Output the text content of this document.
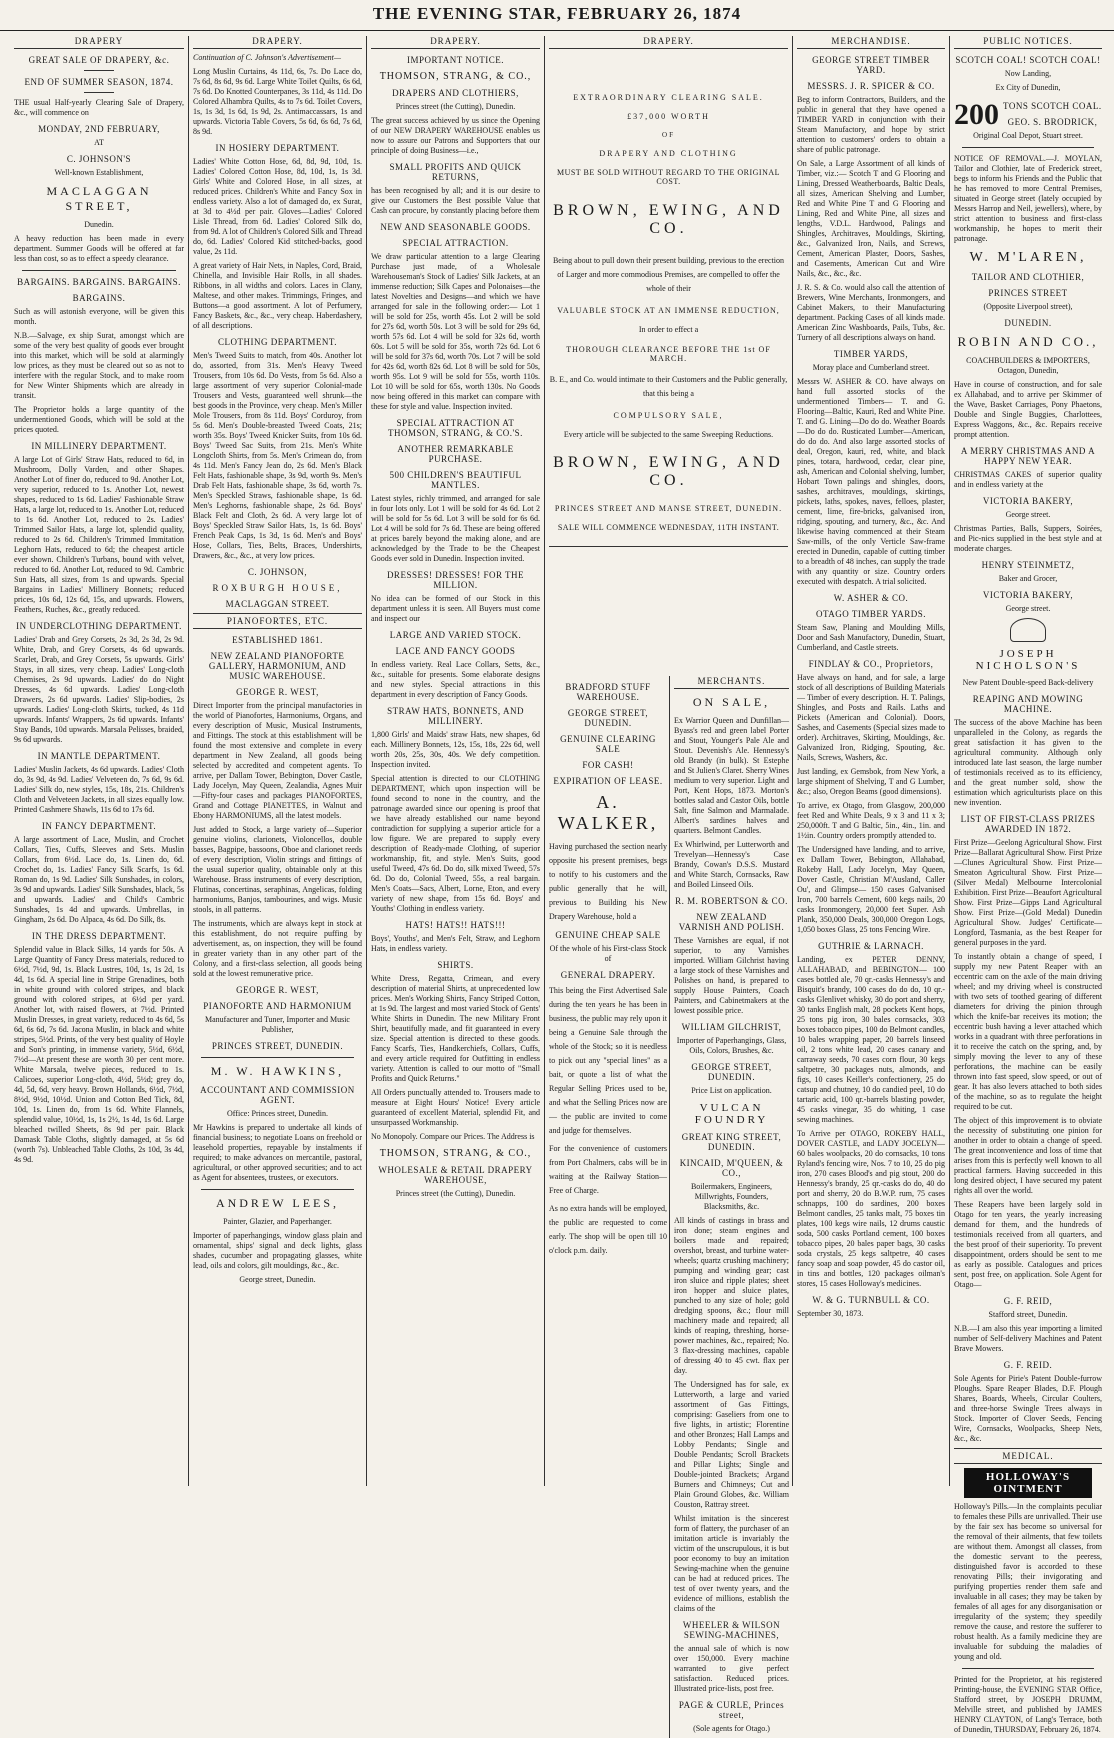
THE EVENING STAR, FEBRUARY 26, 1874
DRAPERY
GREAT SALE OF DRAPERY, &c.
END OF SUMMER SEASON, 1874.

THE usual Half-yearly Clearing Sale of Drapery, &c., will commence on

MONDAY, 2ND FEBRUARY,
AT
C. JOHNSON'S
Well-known Establishment,
MACLAGGAN STREET,
Dunedin.

A heavy reduction has been made in every department. Summer Goods will be offered at far less than cost, so as to effect a speedy clearance.

BARGAINS. BARGAINS. BARGAINS.
BARGAINS.

Such as will astonish everyone, will be given this month.

N.B.—Salvage, ex ship Surat, amongst which are some of the very best quality of goods ever brought into this market, which will be sold at alarmingly low prices, as they must be cleared out so as not to interfere with the regular Stock, and to make room for New Winter Shipments which are already in transit.

The Proprietor holds a large quantity of the undermentioned Goods, which will be sold at the prices quoted.

IN MILLINERY DEPARTMENT.

A large Lot of Girls' Straw Hats, reduced to 6d, in Mushroom, Dolly Varden, and other Shapes. Another Lot of finer do, reduced to 9d. Another Lot, very superior, reduced to 1s. Another Lot, newest shapes, reduced to 1s 6d. Ladies' Fashionable Straw Hats, a large lot, reduced to 1s. Another Lot, reduced to 1s 6d. Another Lot, reduced to 2s. Ladies' Trimmed Sailor Hats, a large lot, splendid quality, reduced to 2s 6d. Children's Trimmed Immitation Leghorn Hats, reduced to 6d; the cheapest article ever shown. Children's Turbans, bound with velvet, reduced to 6d. Another Lot, reduced to 9d. Cambric Sun Hats, all sizes, from 1s and upwards. Special Bargains in Ladies' Millinery Bonnets; reduced prices, 10s 6d, 12s 6d, 15s, and upwards. Flowers, Feathers, Ruches, &c., greatly reduced.

IN UNDERCLOTHING DEPARTMENT.

Ladies' Drab and Grey Corsets, 2s 3d, 2s 3d, 2s 9d. White, Drab, and Grey Corsets, 4s 6d upwards. Scarlet, Drab, and Grey Corsets, 5s upwards. Girls' Stays, in all sizes, very cheap. Ladies' Long-cloth Chemises, 2s 9d upwards. Ladies' do do Night Dresses, 4s 6d upwards. Ladies' Long-cloth Drawers, 2s 6d upwards. Ladies' Slip-bodies, 2s upwards. Ladies' Long-cloth Skirts, tucked, 4s 11d upwards. Infants' Wrappers, 2s 6d upwards. Infants' Stay Bands, 10d upwards. Marsala Pelisses, braided, 9s 6d upwards.

IN MANTLE DEPARTMENT.

Ladies' Muslin Jackets, 4s 6d upwards. Ladies' Cloth do, 3s 9d, 4s 9d. Ladies' Velveteen do, 7s 6d, 9s 6d. Ladies' Silk do, new styles, 15s, 18s, 21s. Children's Cloth and Velveteen Jackets, in all sizes equally low. Printed Cashmere Shawls, 11s 6d to 17s 6d.

IN FANCY DEPARTMENT.

A large assortment of Lace, Muslin, and Crochet Collars, Ties, Cuffs, Sleeves and Sets. Muslin Collars, from 6½d. Lace do, 1s. Linen do, 6d. Crochet do, 1s. Ladies' Fancy Silk Scarfs, 1s 6d. Roman do, 1s 9d. Ladies' Silk Sunshades, in colors, 3s 9d and upwards. Ladies' Silk Sunshades, black, 5s and upwards. Ladies' and Child's Cambric Sunshades, 1s 4d and upwards. Umbrellas, in Gingham, 2s 6d. Do Alpaca, 4s 6d. Do Silk, 8s.

IN THE DRESS DEPARTMENT.

Splendid value in Black Silks, 14 yards for 50s. A Large Quantity of Fancy Dress materials, reduced to 6½d, 7½d, 9d, 1s. Black Lustres, 10d, 1s, 1s 2d, 1s 4d, 1s 6d. A special line in Stripe Grenadines, both in white ground with colored stripes, and black ground with colored stripes, at 6½d per yard. Another lot, with raised flowers, at 7½d. Printed Muslin Dresses, in great variety, reduced to 4s 6d, 5s 6d, 6s 6d, 7s 6d. Jacona Muslin, in black and white stripes, 5½d. Prints, of the very best quality of Hoyle and Son's printing, in immense variety, 5½d, 6½d, 7½d—At present these are worth 30 per cent more. White Marsala, twelve pieces, reduced to 1s. Calicoes, superior Long-cloth, 4½d, 5½d; grey do, 4d, 5d, 6d, very heavy. Brown Hollands, 6½d, 7½d, 8½d, 9½d, 10½d. Union and Cotton Bed Tick, 8d, 10d, 1s. Linen do, from 1s 6d. White Flannels, splendid value, 10½d, 1s, 1s 2½, 1s 4d, 1s 6d. Large bleached twilled Sheets, 8s 9d per pair. Black Damask Table Cloths, slightly damaged, at 5s 6d (worth 7s). Unbleached Table Cloths, 2s 10d, 3s 4d, 4s 9d.

DRAPERY.

Continuation of C. Johnson's Advertisement—

Long Muslin Curtains, 4s 11d, 6s, 7s. Do Lace do, 7s 6d, 8s 6d, 9s 6d. Large White Toilet Quilts, 6s 6d, 7s 6d. Do Knotted Counterpanes, 3s 11d, 4s 11d. Do Colored Alhambra Quilts, 4s to 7s 6d. Toilet Covers, 1s, 1s 3d, 1s 6d, 1s 9d, 2s. Antimaccassars, 1s and upwards. Victoria Table Covers, 5s 6d, 6s 6d, 7s 6d, 8s 9d.

IN HOSIERY DEPARTMENT.

Ladies' White Cotton Hose, 6d, 8d, 9d, 10d, 1s. Ladies' Colored Cotton Hose, 8d, 10d, 1s, 1s 3d. Girls' White and Colored Hose, in all sizes, at reduced prices. Children's White and Fancy Sox in endless variety. Also a lot of damaged do, ex Surat, at 3d to 4½d per pair. Gloves—Ladies' Colored Lisle Thread, from 6d. Ladies' Colored Silk do, from 9d. A lot of Children's Colored Silk and Thread do, 6d. Ladies' Colored Kid stitched-backs, good value, 2s 11d.

A great variety of Hair Nets, in Naples, Cord, Braid, Chinella, and Invisible Hair Rolls, in all shades. Ribbons, in all widths and colors. Laces in Clany, Maltese, and other makes. Trimmings, Fringes, and Buttons—a good assortment. A lot of Perfumery, Fancy Baskets, &c., &c., very cheap. Haberdashery, of all descriptions.

CLOTHING DEPARTMENT.

Men's Tweed Suits to match, from 40s. Another lot do, assorted, from 31s. Men's Heavy Tweed Trousers, from 10s 6d. Do Vests, from 5s 6d. Also a large assortment of very superior Colonial-made Trousers and Vests, guaranteed well shrunk—the best goods in the Province, very cheap. Men's Miller Mole Trousers, from 8s 11d. Boys' Corduroy, from 5s 6d. Men's Double-breasted Tweed Coats, 21s; worth 35s. Boys' Tweed Knicker Suits, from 10s 6d. Boys' Tweed Sac Suits, from 21s. Men's White Longcloth Shirts, from 5s. Men's Crimean do, from 4s 11d. Men's Fancy Jean do, 2s 6d. Men's Black Felt Hats, fashionable shape, 3s 9d, worth 9s. Men's Drab Felt Hats, fashionable shape, 3s 6d, worth 7s. Men's Speckled Straws, fashionable shape, 1s 6d. Men's Leghorns, fashionable shape, 2s 6d. Boys' Black Felt and Cloth, 2s 6d. A very large lot of Boys' Speckled Straw Sailor Hats, 1s, 1s 6d. Boys' French Peak Caps, 1s 3d, 1s 6d. Men's and Boys' Hose, Collars, Ties, Belts, Braces, Undershirts, Drawers, &c., &c., at very low prices.

C. JOHNSON,
ROXBURGH HOUSE,
MACLAGGAN STREET.
PIANOFORTES, ETC.
ESTABLISHED 1861.
NEW ZEALAND PIANOFORTE GALLERY, HARMONIUM, AND MUSIC WAREHOUSE.
GEORGE R. WEST,

Direct Importer from the principal manufactories in the world of Pianofortes, Harmoniums, Organs, and every description of Music, Musical Instruments, and Fittings. The stock at this establishment will be found the most extensive and complete in every department in New Zealand, all goods being selected by accredited and competent agents. To arrive, per Dallam Tower, Bebington, Dover Castle, Lady Jocelyn, May Queen, Zealandia, Agnes Muir—Fifty-four cases and packages PIANOFORTES, Grand and Cottage PIANETTES, in Walnut and Ebony HARMONIUMS, all the latest models.

Just added to Stock, a large variety of—Superior genuine violins, clarionets, Violoncellos, double basses, Bagpipe, bassoons, Oboe and clarionet reeds of every description, Violin strings and fittings of the usual superior quality, obtainable only at this Warehouse. Brass instruments of every description, Flutinas, concertinas, seraphinas, Angelicas, folding harmoniums, Banjos, tambourines, and wigs. Music stools, in all patterns.

The instruments, which are always kept in stock at this establishment, do not require puffing by advertisement, as, on inspection, they will be found in greater variety than in any other part of the Colony, and a first-class selection, all goods being sold at the lowest remunerative price.

GEORGE R. WEST,
PIANOFORTE AND HARMONIUM
Manufacturer and Tuner, Importer and Music Publisher,
PRINCES STREET, DUNEDIN.
M. W. HAWKINS,
ACCOUNTANT AND COMMISSION AGENT.
Office: Princes street, Dunedin.

Mr Hawkins is prepared to undertake all kinds of financial business; to negotiate Loans on freehold or leasehold properties, repayable by instalments if required; to make advances on mercantile, pastoral, agricultural, or other approved securities; and to act as Agent for absentees, trustees, or executors.

ANDREW LEES,
Painter, Glazier, and Paperhanger.

Importer of paperhangings, window glass plain and ornamental, ships' signal and deck lights, glass shades, cucumber and propagating glasses, white lead, oils and colors, gilt mouldings, &c., &c.

George street, Dunedin.
DRAPERY.
IMPORTANT NOTICE.
THOMSON, STRANG, & CO.,
DRAPERS AND CLOTHIERS,
Princes street (the Cutting), Dunedin.

The great success achieved by us since the Opening of our NEW DRAPERY WAREHOUSE enables us now to assure our Patrons and Supporters that our principle of doing Business—i.e.,

SMALL PROFITS AND QUICK RETURNS,

has been recognised by all; and it is our desire to give our Customers the Best possible Value that Cash can procure, by constantly placing before them

NEW AND SEASONABLE GOODS.
SPECIAL ATTRACTION.

We draw particular attention to a large Clearing Purchase just made, of a Wholesale Warehouseman's Stock of Ladies' Silk Jackets, at an immense reduction; Silk Capes and Polonaises—the latest Novelties and Designs—and which we have arranged for sale in the following order:— Lot 1 will be sold for 25s, worth 45s. Lot 2 will be sold for 27s 6d, worth 50s. Lot 3 will be sold for 29s 6d, worth 57s 6d. Lot 4 will be sold for 32s 6d, worth 60s. Lot 5 will be sold for 35s, worth 72s 6d. Lot 6 will be sold for 37s 6d, worth 70s. Lot 7 will be sold for 42s 6d, worth 82s 6d. Lot 8 will be sold for 50s, worth 95s. Lot 9 will be sold for 55s, worth 110s. Lot 10 will be sold for 65s, worth 130s. No Goods now being offered in this market can compare with these for style and value. Inspection invited.

SPECIAL ATTRACTION AT THOMSON, STRANG, & CO.'S.
ANOTHER REMARKABLE PURCHASE.
500 CHILDREN'S BEAUTIFUL MANTLES.

Latest styles, richly trimmed, and arranged for sale in four lots only. Lot 1 will be sold for 4s 6d. Lot 2 will be sold for 5s 6d. Lot 3 will be sold for 6s 6d. Lot 4 will be sold for 7s 6d. These are being offered at prices barely beyond the making alone, and are acknowledged by the Trade to be the Cheapest Goods ever sold in Dunedin. Inspection invited.

DRESSES! DRESSES! FOR THE MILLION.

No idea can be formed of our Stock in this department unless it is seen. All Buyers must come and inspect our

LARGE AND VARIED STOCK.
LACE AND FANCY GOODS

In endless variety. Real Lace Collars, Setts, &c., &c., suitable for presents. Some elaborate designs and new styles. Special attractions in this department in every description of Fancy Goods.

STRAW HATS, BONNETS, AND MILLINERY.

1,800 Girls' and Maids' straw Hats, new shapes, 6d each. Millinery Bonnets, 12s, 15s, 18s, 22s 6d, well worth 20s, 25s, 30s, 40s. We defy competition. Inspection invited.

Special attention is directed to our CLOTHING DEPARTMENT, which upon inspection will be found second to none in the country, and the patronage awarded since our opening is proof that we have already established our name beyond contradiction for supplying a superior article for a low figure. We are prepared to supply every description of Ready-made Clothing, of superior workmanship, fit, and style. Men's Suits, good useful Tweed, 47s 6d. Do do, silk mixed Tweed, 57s 6d. Do do, Colonial Tweed, 55s, a real bargain. Men's Coats—Sacs, Albert, Lorne, Eton, and every variety of new shape, from 15s 6d. Boys' and Youths' Clothing in endless variety.

HATS! HATS!! HATS!!!

Boys', Youths', and Men's Felt, Straw, and Leghorn Hats, in endless variety.

SHIRTS.

White Dress, Regatta, Crimean, and every description of material Shirts, at unprecedented low prices. Men's Working Shirts, Fancy Striped Cotton, at 1s 9d. The largest and most varied Stock of Gents' White Shirts in Dunedin. The new Military Front Shirt, beautifully made, and fit guaranteed in every size. Special attention is directed to these goods. Fancy Scarfs, Ties, Handkerchiefs, Collars, Cuffs, and every article required for Outfitting in endless variety. Attention is called to our motto of "Small Profits and Quick Returns."

All Orders punctually attended to. Trousers made to measure at Eight Hours' Notice! Every article guaranteed of excellent Material, splendid Fit, and unsurpassed Workmanship.

No Monopoly. Compare our Prices. The Address is

THOMSON, STRANG, & CO.,
WHOLESALE & RETAIL DRAPERY WAREHOUSE,
Princes street (the Cutting), Dunedin.
DRAPERY.
EXTRAORDINARY CLEARING SALE.
£37,000 WORTH
OF
DRAPERY AND CLOTHING
MUST BE SOLD WITHOUT REGARD TO THE ORIGINAL COST.
BROWN, EWING, AND CO.

Being about to pull down their present building, previous to the erection of Larger and more commodious Premises, are compelled to offer the whole of their

VALUABLE STOCK AT AN IMMENSE REDUCTION,

In order to effect a

THOROUGH CLEARANCE BEFORE THE 1st OF MARCH.

B. E., and Co. would intimate to their Customers and the Public generally, that this being a

COMPULSORY SALE,

Every article will be subjected to the same Sweeping Reductions.

BROWN, EWING, AND CO.
PRINCES STREET AND MANSE STREET, DUNEDIN.
SALE WILL COMMENCE WEDNESDAY, 11TH INSTANT.
BRADFORD STUFF WAREHOUSE.
GEORGE STREET, DUNEDIN.
GENUINE CLEARING SALE
FOR CASH!
EXPIRATION OF LEASE.
A. WALKER,

Having purchased the section nearly opposite his present premises, begs to notify to his customers and the public generally that he will, previous to Building his New Drapery Warehouse, hold a

GENUINE CHEAP SALE

Of the whole of his First-class Stock of

GENERAL DRAPERY.

This being the First Advertised Sale during the ten years he has been in business, the public may rely upon it being a Genuine Sale through the whole of the Stock; so it is needless to pick out any "special lines" as a bait, or quote a list of what the Regular Selling Prices used to be, and what the Selling Prices now are — the public are invited to come and judge for themselves.

For the convenience of customers from Port Chalmers, cabs will be in waiting at the Railway Station—Free of Charge.

As no extra hands will be employed, the public are requested to come early. The shop will be open till 10 o'clock p.m. daily.

MERCHANTS.
ON SALE,

Ex Warrior Queen and Dunfillan—Byass's red and green label Porter and Stout, Younger's Pale Ale and Stout. Devenish's Ale. Hennessy's old Brandy (in bulk). St Estephe and St Julien's Claret. Sherry Wines medium to very superior. Light and Port, Kent Hops, 1873. Morton's bottles salad and Castor Oils, bottle Salt, fine Salmon and Marmalade. Albert's sardines halves and quarters. Belmont Candles.

Ex Whirlwind, per Lutterworth and Trevelyan—Hennessy's Case Brandy, Cowan's D.S.S. Mustard and White Starch, Cornsacks, Raw and Boiled Linseed Oils.

R. M. ROBERTSON & CO.
NEW ZEALAND VARNISH AND POLISH.

These Varnishes are equal, if not superior, to any Varnishes imported. William Gilchrist having a large stock of these Varnishes and Polishes on hand, is prepared to supply House Painters, Coach Painters, and Cabinetmakers at the lowest possible price.

WILLIAM GILCHRIST,
Importer of Paperhangings, Glass, Oils, Colors, Brushes, &c.
GEORGE STREET, DUNEDIN.
Price List on application.
VULCAN FOUNDRY
GREAT KING STREET, DUNEDIN.
KINCAID, M'QUEEN, & CO.,
Boilermakers, Engineers, Millwrights, Founders, Blacksmiths, &c.

All kinds of castings in brass and iron done; steam engines and boilers made and repaired; overshot, breast, and turbine water-wheels; quartz crushing machinery; pumping and winding gear; cast iron sluice and ripple plates; sheet iron hopper and sluice plates, punched to any size of hole; gold dredging spoons, &c.; flour mill machinery made and repaired; all kinds of reaping, threshing, horse-power machines, &c., repaired; No. 3 flax-dressing machines, capable of dressing 40 to 45 cwt. flax per day.

The Undersigned has for sale, ex Lutterworth, a large and varied assortment of Gas Fittings, comprising: Gaseliers from one to five lights, in artistic; Florentine and other Bronzes; Hall Lamps and Lobby Pendants; Single and Double Pendants; Scroll Brackets and Pillar Lights; Single and Double-jointed Brackets; Argand Burners and Chimneys; Cut and Plain Ground Globes, &c. William Couston, Rattray street.

Whilst imitation is the sincerest form of flattery, the purchaser of an imitation article is invariably the victim of the unscrupulous, it is but poor economy to buy an imitation Sewing-machine when the genuine can be had at reduced prices. The test of over twenty years, and the evidence of millions, establish the claims of the

WHEELER & WILSON SEWING-MACHINES,

the annual sale of which is now over 150,000. Every machine warranted to give perfect satisfaction. Reduced prices. Illustrated price-lists, post free.

PAGE & CURLE, Princes street,
(Sole agents for Otago.)
MERCHANDISE.
GEORGE STREET TIMBER YARD.
MESSRS. J. R. SPICER & CO.

Beg to inform Contractors, Builders, and the public in general that they have opened a TIMBER YARD in conjunction with their Steam Manufactory, and hope by strict attention to customers' orders to obtain a share of public patronage.

On Sale, a Large Assortment of all kinds of Timber, viz.:— Scotch T and G Flooring and Lining, Dressed Weatherboards, Baltic Deals, all sizes, American Shelving and Lumber, Red and White Pine T and G Flooring and Lining, Red and White Pine, all sizes and lengths, V.D.L. Hardwood, Palings and Shingles, Architraves, Mouldings, Skirting, &c., Galvanized Iron, Nails, and Screws, Cement, American Plaster, Doors, Sashes, and Casements, American Cut and Wire Nails, &c., &c., &c.

J. R. S. & Co. would also call the attention of Brewers, Wine Merchants, Ironmongers, and Cabinet Makers, to their Manufacturing department. Packing Cases of all kinds made. American Zinc Washboards, Pails, Tubs, &c. Turnery of all descriptions always on hand.

TIMBER YARDS,
Moray place and Cumberland street.

Messrs W. ASHER & CO. have always on hand full assorted stocks of the undermentioned Timbers— T. and G. Flooring—Baltic, Kauri, Red and White Pine. T. and G. Lining—Do do do. Weather Boards—Do do do. Rusticated Lumber—American, do do do. And also large assorted stocks of deal, Oregon, kauri, red, white, and black pines, totara, hardwood, cedar, clear pine, ash, American and Colonial shelving, lumber, Hobart Town palings and shingles, doors, sashes, architraves, mouldings, skirtings, pickets, laths, spokes, naves, felloes, plaster, cement, lime, fire-bricks, galvanised iron, ridging, spouting, and turnery, &c., &c. And likewise having commenced at their Steam Saw-mills, of the only Verticle Saw-frame erected in Dunedin, capable of cutting timber to a breadth of 48 inches, can supply the trade with any quantity or size. Country orders executed with despatch. A trial solicited.

W. ASHER & CO.
OTAGO TIMBER YARDS.

Steam Saw, Planing and Moulding Mills, Door and Sash Manufactory, Dunedin, Stuart, Cumberland, and Castle streets.

FINDLAY & CO., Proprietors,

Have always on hand, and for sale, a large stock of all descriptions of Building Materials— Timber of every description. H. T. Palings, Shingles, and Posts and Rails. Laths and Pickets (American and Colonial). Doors, Sashes, and Casements (Special sizes made to order). Architraves, Skirting, Mouldings, &c. Galvanized Iron, Ridging, Spouting, &c. Nails, Screws, Washers, &c.

Just landing, ex Gemsbok, from New York, a large shipment of Shelving, T and G Lumber, &c.; also, Oregon Beams (good dimensions).

To arrive, ex Otago, from Glasgow, 200,000 feet Red and White Deals, 9 x 3 and 11 x 3; 250,000ft. T and G Baltic, 5in., 4in., 1in. and 1½in. Country orders promptly attended to.

The Undersigned have landing, and to arrive, ex Dallam Tower, Bebington, Allahabad, Rokeby Hall, Lady Jocelyn, May Queen, Dover Castle, Christian M'Ausland, Caller Ou', and Glimpse— 150 cases Galvanised Iron, 700 barrels Cement, 600 kegs nails, 20 casks Ironmongery, 20,000 feet Super. Ash Plank, 350,000 Deals, 300,000 Oregon Logs, 1,050 boxes Glass, 25 tons Fencing Wire.

GUTHRIE & LARNACH.

Landing, ex PETER DENNY, ALLAHABAD, and BEBINGTON— 100 cases bottled ale, 70 qr.-casks Hennessy's and Bisquit's brandy, 100 cases do do do, 10 qr.-casks Glenlivet whisky, 30 do port and sherry, 30 tanks English malt, 28 pockets Kent hops, 25 tons pig iron, 30 bales cornsacks, 303 boxes tobacco pipes, 100 do Belmont candles, 10 bales wrapping paper, 20 barrels linseed oil, 2 tons white lead, 20 cases canary and carraway seeds, 70 cases corn flour, 30 kegs saltpetre, 30 packages nuts, almonds, and figs, 10 cases Keiller's confectionery, 25 do catsup and chutney, 10 do candied peel, 10 do tartaric acid, 100 qr.-barrels blasting powder, 45 casks vinegar, 35 do whiting, 1 case sewing machines.

To Arrive per OTAGO, ROKEBY HALL, DOVER CASTLE, and LADY JOCELYN— 60 bales woolpacks, 20 do cornsacks, 10 tons Ryland's fencing wire, Nos. 7 to 10, 25 do pig iron, 270 cases Blood's and pig stout, 200 do Hennessy's brandy, 25 qr.-casks do do, 40 do port and sherry, 20 do B.W.P. rum, 75 cases schnapps, 100 do sardines, 200 boxes Belmont candles, 25 tanks malt, 75 boxes tin plates, 100 kegs wire nails, 12 drums caustic soda, 500 casks Portland cement, 100 boxes tobacco pipes, 20 bales paper bags, 30 casks soda crystals, 25 kegs saltpetre, 40 cases fancy soap and soap powder, 45 do castor oil, in tins and bottles, 120 packages oilman's stores, 15 cases Holloway's medicines.

W. & G. TURNBULL & CO.
September 30, 1873.
PUBLIC NOTICES.
SCOTCH COAL! SCOTCH COAL!
Now Landing,
Ex City of Dunedin,
200 TONS SCOTCH COAL.
GEO. S. BRODRICK,
Original Coal Depot, Stuart street.

NOTICE OF REMOVAL.—J. MOYLAN, Tailor and Clothier, late of Frederick street, begs to inform his Friends and the Public that he has removed to more Central Premises, situated in George street (lately occupied by Messrs Harrop and Neil, jewellers), where, by strict attention to business and first-class workmanship, he hopes to merit their patronage.

W. M'LAREN,
TAILOR AND CLOTHIER,
PRINCES STREET
(Opposite Liverpool street),
DUNEDIN.
ROBIN AND CO.,
COACHBUILDERS & IMPORTERS, Octagon, Dunedin,

Have in course of construction, and for sale ex Allahabad, and to arrive per Skimmer of the Wave, Basket Carriages, Pony Phaetons, Double and Single Buggies, Charlottees, Express Waggons, &c., &c. Repairs receive prompt attention.

A MERRY CHRISTMAS AND A HAPPY NEW YEAR.

CHRISTMAS CAKES of superior quality and in endless variety at the

VICTORIA BAKERY,
George street.

Christmas Parties, Balls, Suppers, Soirées, and Pic-nics supplied in the best style and at moderate charges.

HENRY STEINMETZ,
Baker and Grocer,
VICTORIA BAKERY,
George street.
JOSEPH NICHOLSON'S
New Patent Double-speed Back-delivery
REAPING AND MOWING MACHINE.

The success of the above Machine has been unparalleled in the Colony, as regards the great satisfaction it has given to the agricultural community. Although only introduced late last season, the large number of testimonials received as to its efficiency, and the great number sold, show the estimation which agriculturists place on this new invention.

LIST OF FIRST-CLASS PRIZES AWARDED IN 1872.

First Prize—Geelong Agricultural Show. First Prize—Ballarat Agricultural Show. First Prize—Clunes Agricultural Show. First Prize—Smeaton Agricultural Show. First Prize—(Silver Medal) Melbourne Intercolonial Exhibition. First Prize—Beaufort Agricultural Show. First Prize—Gipps Land Agricultural Show. First Prize—(Gold Medal) Dunedin Agricultural Show. Judges' Certificate—Longford, Tasmania, as the best Reaper for general purposes in the yard.

To instantly obtain a change of speed, I supply my new Patent Reaper with an eccentric cam on the axle of the main driving wheel; and my driving wheel is constructed with two sets of toothed gearing of different diameters for driving the pinion through which the knife-bar receives its motion; the eccentric bush having a lever attached which works in a quadrant with three perforations in it to receive the catch on the spring, and, by simply moving the lever to any of these perforations, the machine can be easily thrown into fast speed, slow speed, or out of gear. It has also levers attached to both sides of the machine, so as to regulate the height required to be cut.

The object of this improvement is to obviate the necessity of substituting one pinion for another in order to obtain a change of speed. The great inconvenience and loss of time that arises from this is perfectly well known to all practical farmers. Having succeeded in this long desired object, I have secured my patent rights all over the world.

These Reapers have been largely sold in Otago for ten years, the yearly increasing demand for them, and the hundreds of testimonials received from all quarters, and the best proof of their superiority. To prevent disappointment, orders should be sent to me as early as possible. Catalogues and prices sent, post free, on application. Sole Agent for Otago—

G. F. REID,
Stafford street, Dunedin.

N.B.—I am also this year importing a limited number of Self-delivery Machines and Patent Brave Mowers.

G. F. REID.

Sole Agents for Pirie's Patent Double-furrow Ploughs. Spare Reaper Blades, D.F. Plough Shares, Boards, Wheels, Circular Coulters, and three-horse Swingle Trees always in Stock. Importer of Clover Seeds, Fencing Wire, Cornsacks, Woolpacks, Sheep Nets, &c., &c.

MEDICAL.
HOLLOWAY'S OINTMENT

Holloway's Pills.—In the complaints peculiar to females these Pills are unrivalled. Their use by the fair sex has become so universal for the removal of their ailments, that few toilets are without them. Amongst all classes, from the domestic servant to the peeress, distinguished favor is accorded to these renovating Pills; their invigorating and purifying properties render them safe and invaluable in all cases; they may be taken by females of all ages for any disorganisation or irregularity of the system; they speedily remove the cause, and restore the sufferer to robust health. As a family medicine they are invaluable for subduing the maladies of young and old.

Printed for the Proprietor, at his registered Printing-house, the EVENING STAR Office, Stafford street, by JOSEPH DRUMM, Melville street, and published by JAMES HENRY CLAYTON, of Lang's Terrace, both of Dunedin, THURSDAY, February 26, 1874.
